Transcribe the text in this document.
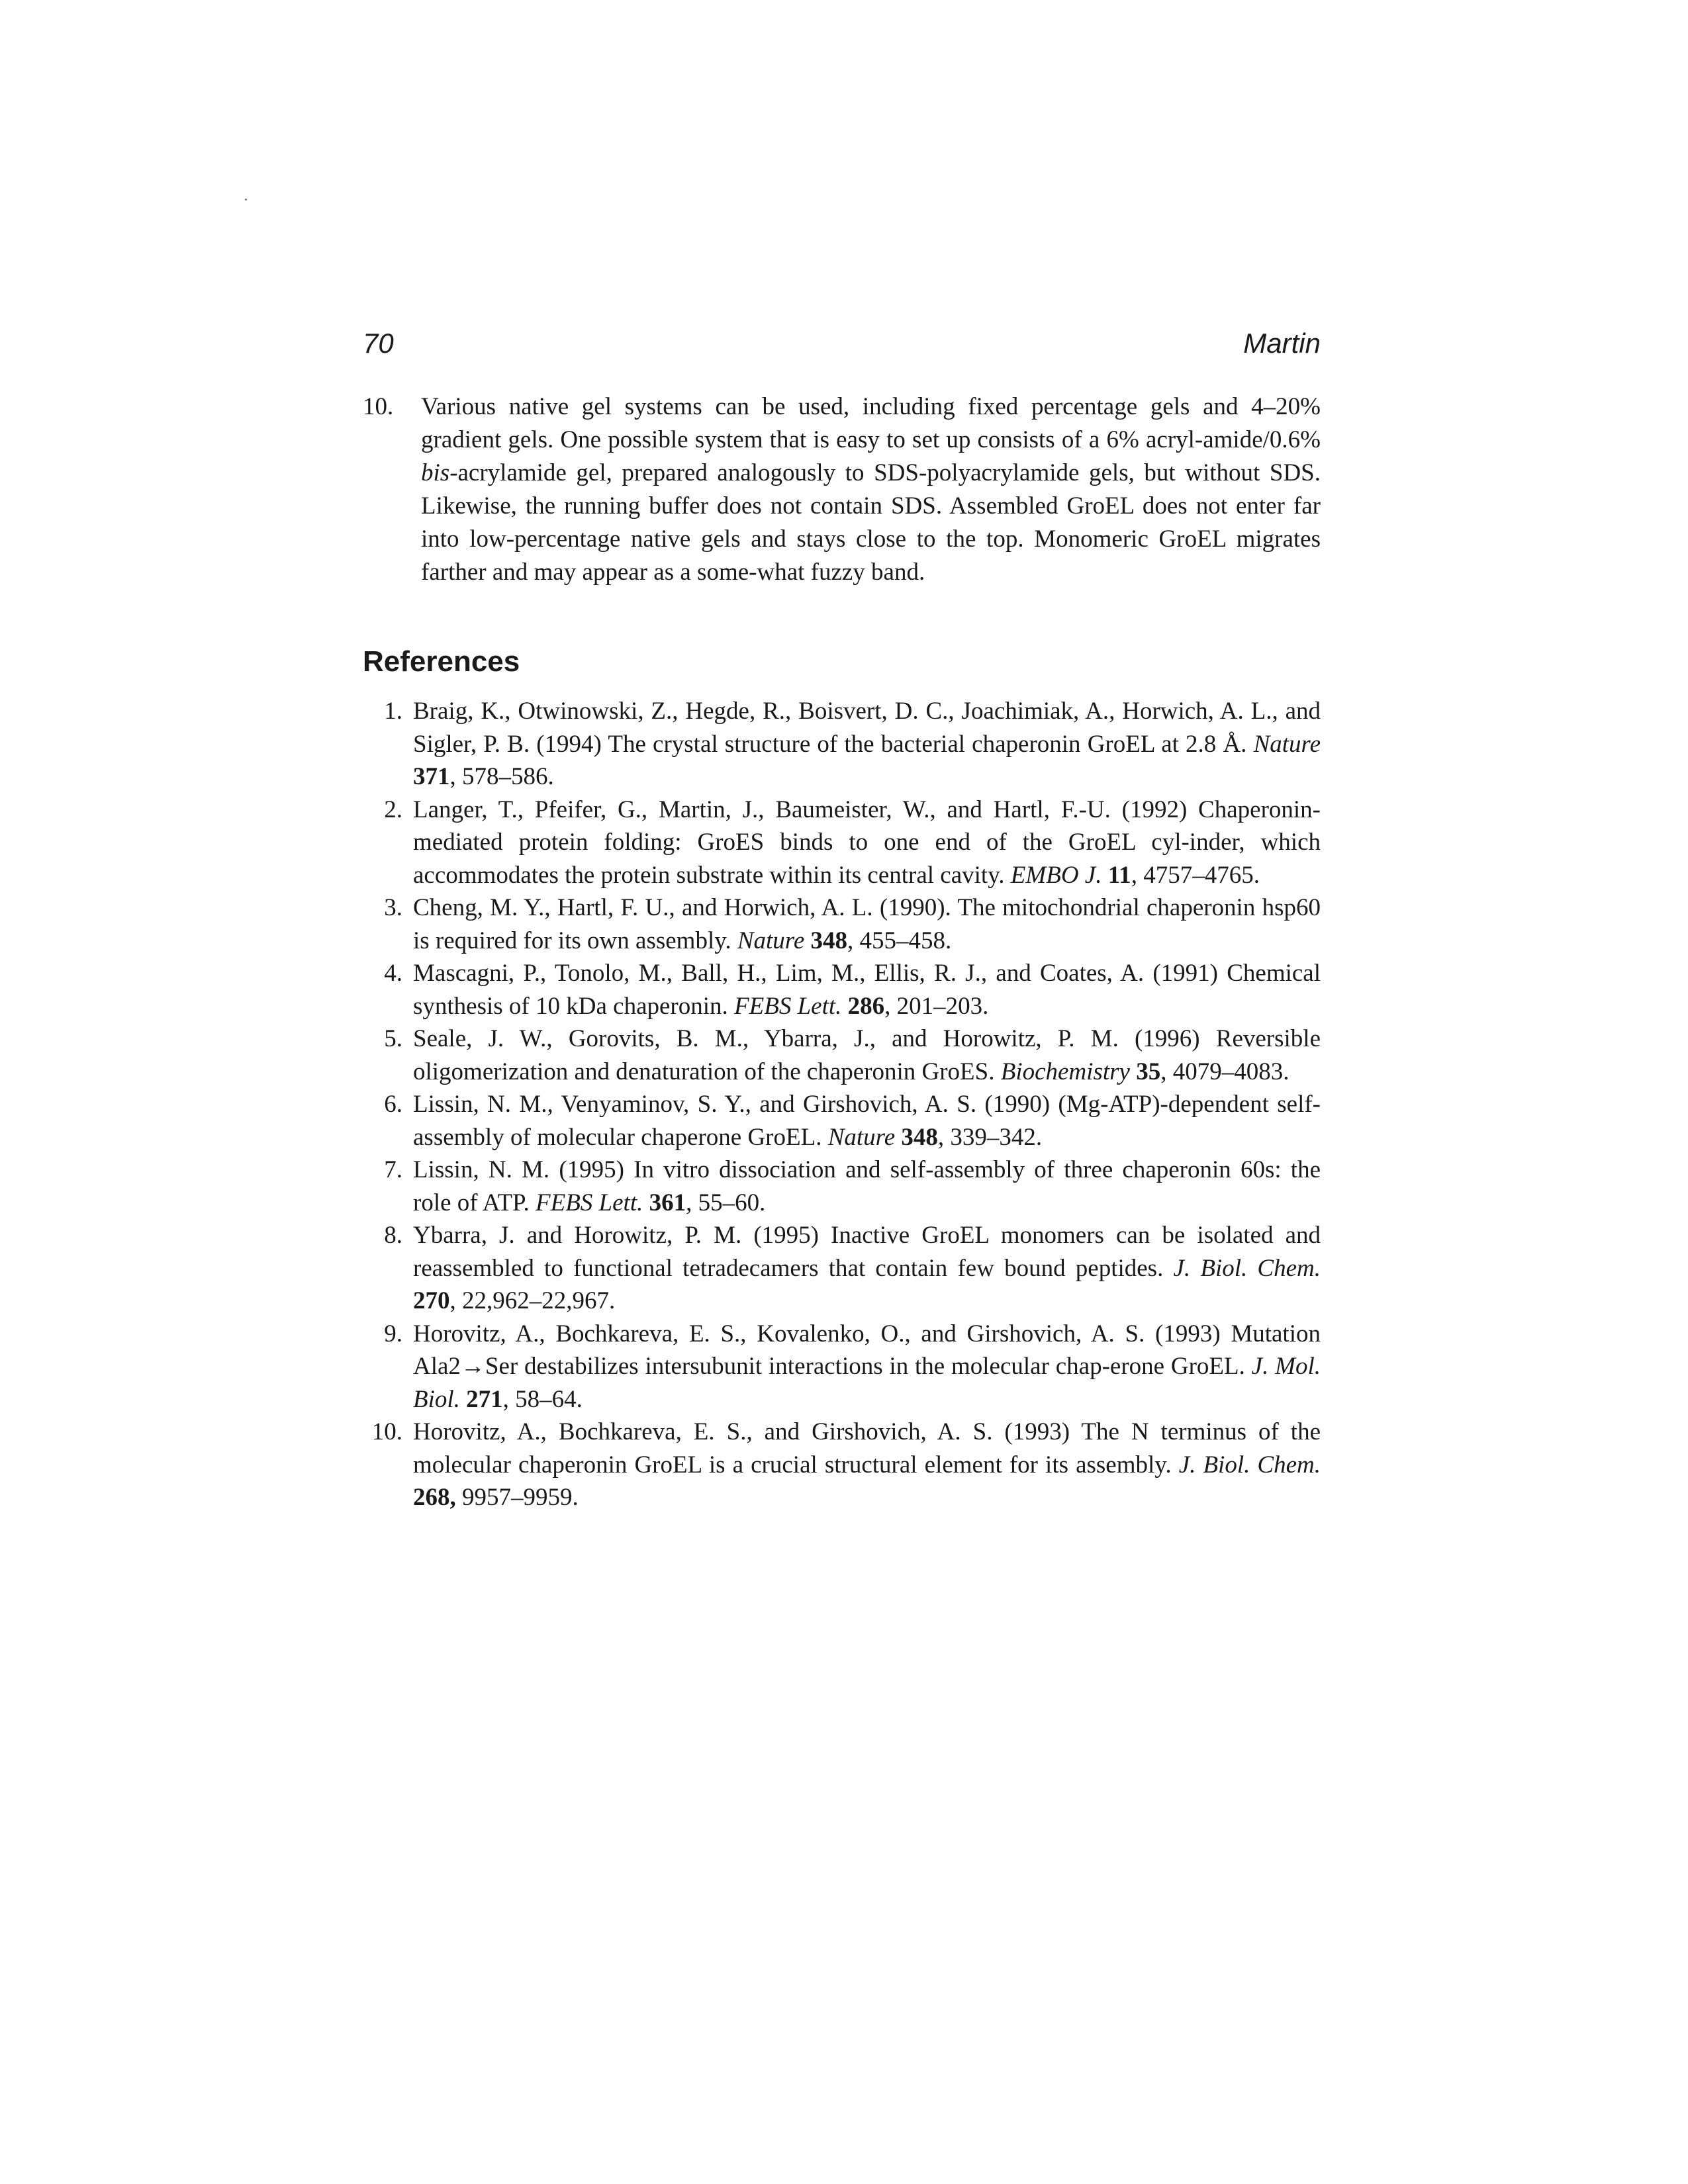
70	Martin
10.	Various native gel systems can be used, including fixed percentage gels and 4–20% gradient gels. One possible system that is easy to set up consists of a 6% acryl-amide/0.6% bis-acrylamide gel, prepared analogously to SDS-polyacrylamide gels, but without SDS. Likewise, the running buffer does not contain SDS. Assembled GroEL does not enter far into low-percentage native gels and stays close to the top. Monomeric GroEL migrates farther and may appear as a some-what fuzzy band.
References
1. Braig, K., Otwinowski, Z., Hegde, R., Boisvert, D. C., Joachimiak, A., Horwich, A. L., and Sigler, P. B. (1994) The crystal structure of the bacterial chaperonin GroEL at 2.8 Å. Nature 371, 578–586.
2. Langer, T., Pfeifer, G., Martin, J., Baumeister, W., and Hartl, F.-U. (1992) Chaperonin-mediated protein folding: GroES binds to one end of the GroEL cyl-inder, which accommodates the protein substrate within its central cavity. EMBO J. 11, 4757–4765.
3. Cheng, M. Y., Hartl, F. U., and Horwich, A. L. (1990). The mitochondrial chaperonin hsp60 is required for its own assembly. Nature 348, 455–458.
4. Mascagni, P., Tonolo, M., Ball, H., Lim, M., Ellis, R. J., and Coates, A. (1991) Chemical synthesis of 10 kDa chaperonin. FEBS Lett. 286, 201–203.
5. Seale, J. W., Gorovits, B. M., Ybarra, J., and Horowitz, P. M. (1996) Reversible oligomerization and denaturation of the chaperonin GroES. Biochemistry 35, 4079–4083.
6. Lissin, N. M., Venyaminov, S. Y., and Girshovich, A. S. (1990) (Mg-ATP)-dependent self-assembly of molecular chaperone GroEL. Nature 348, 339–342.
7. Lissin, N. M. (1995) In vitro dissociation and self-assembly of three chaperonin 60s: the role of ATP. FEBS Lett. 361, 55–60.
8. Ybarra, J. and Horowitz, P. M. (1995) Inactive GroEL monomers can be isolated and reassembled to functional tetradecamers that contain few bound peptides. J. Biol. Chem. 270, 22,962–22,967.
9. Horovitz, A., Bochkareva, E. S., Kovalenko, O., and Girshovich, A. S. (1993) Mutation Ala2→Ser destabilizes intersubunit interactions in the molecular chap-erone GroEL. J. Mol. Biol. 271, 58–64.
10. Horovitz, A., Bochkareva, E. S., and Girshovich, A. S. (1993) The N terminus of the molecular chaperonin GroEL is a crucial structural element for its assembly. J. Biol. Chem. 268, 9957–9959.
